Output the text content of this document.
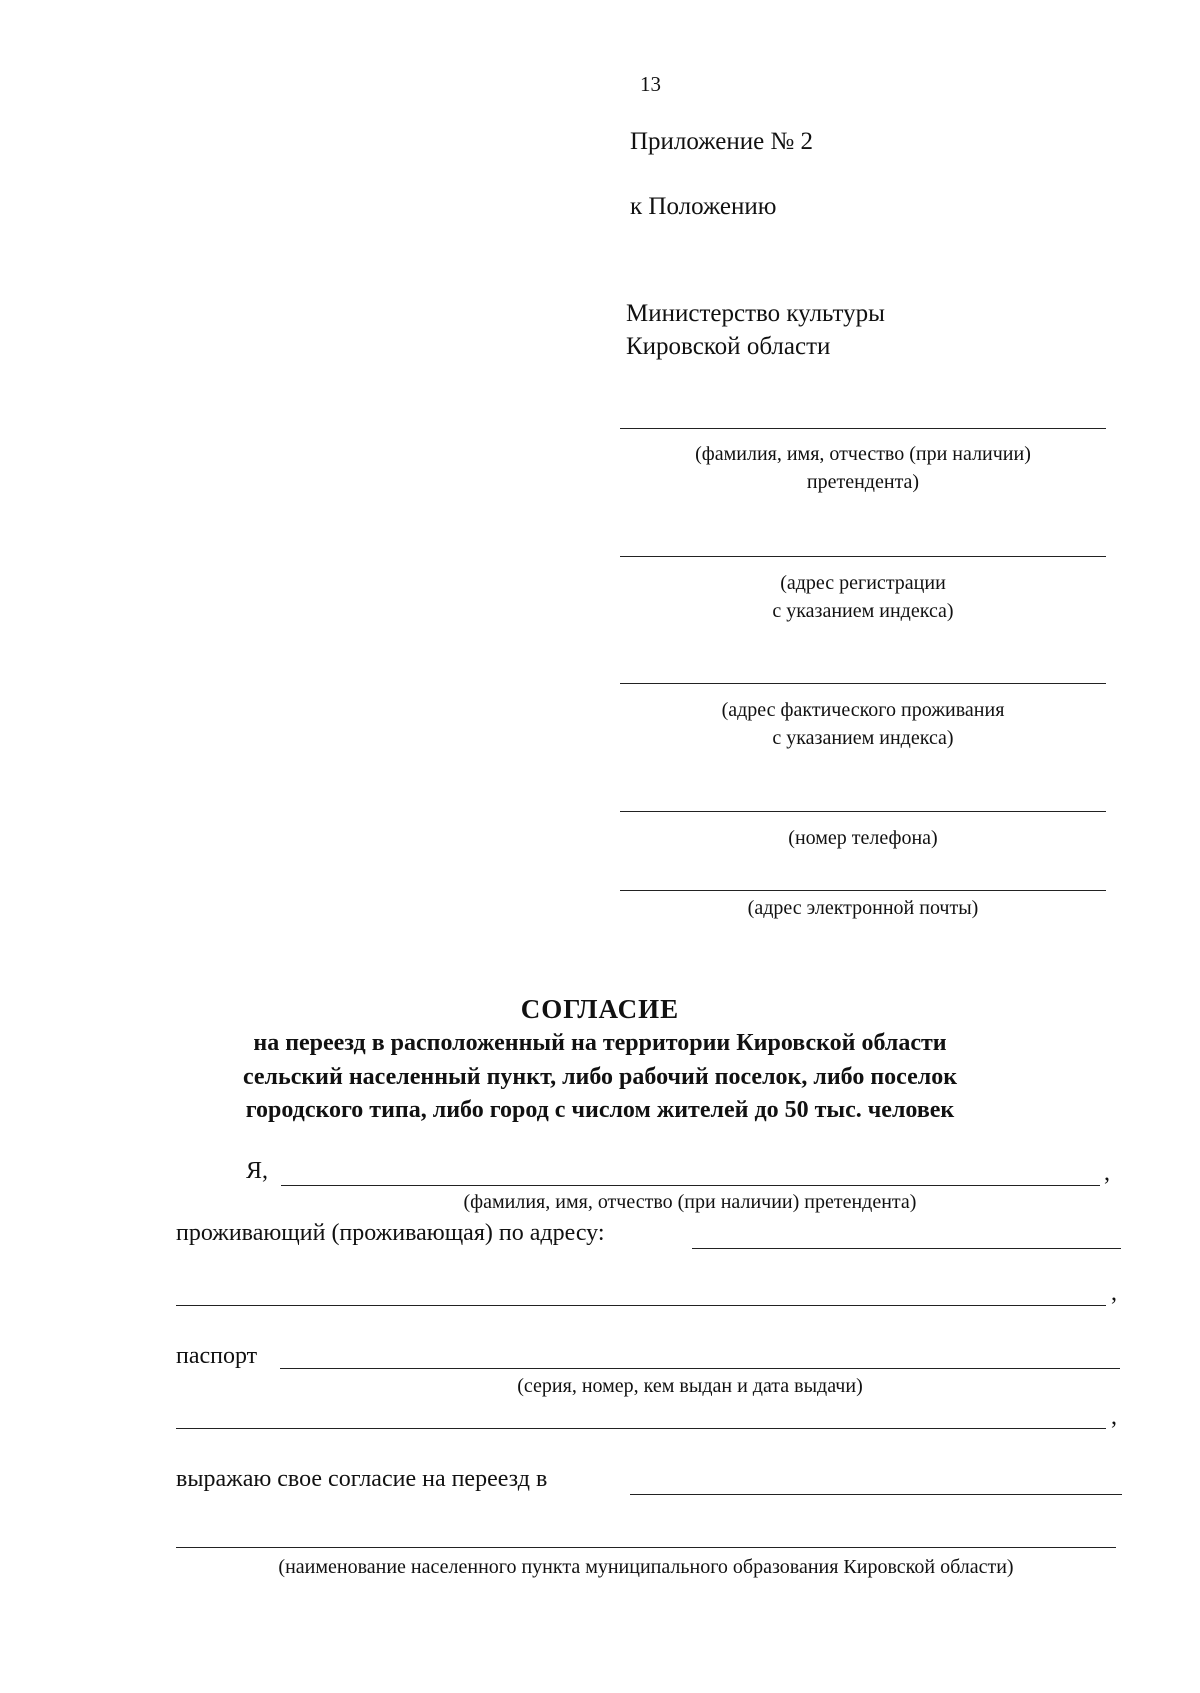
13
Приложение № 2
к Положению
Министерство культуры
Кировской области
(фамилия, имя, отчество (при наличии)
претендента)
(адрес регистрации
с указанием индекса)
(адрес фактического проживания
с указанием индекса)
(номер телефона)
(адрес электронной почты)
СОГЛАСИЕ
на переезд в расположенный на территории Кировской области
сельский населенный пункт, либо рабочий поселок, либо поселок
городского типа, либо город с числом жителей до 50 тыс. человек
Я,	,
(фамилия, имя, отчество (при наличии) претендента)
проживающий (проживающая) по адресу:
,
паспорт
(серия, номер, кем выдан и дата выдачи)
,
выражаю свое согласие на переезд в
(наименование населенного пункта муниципального образования Кировской области)
